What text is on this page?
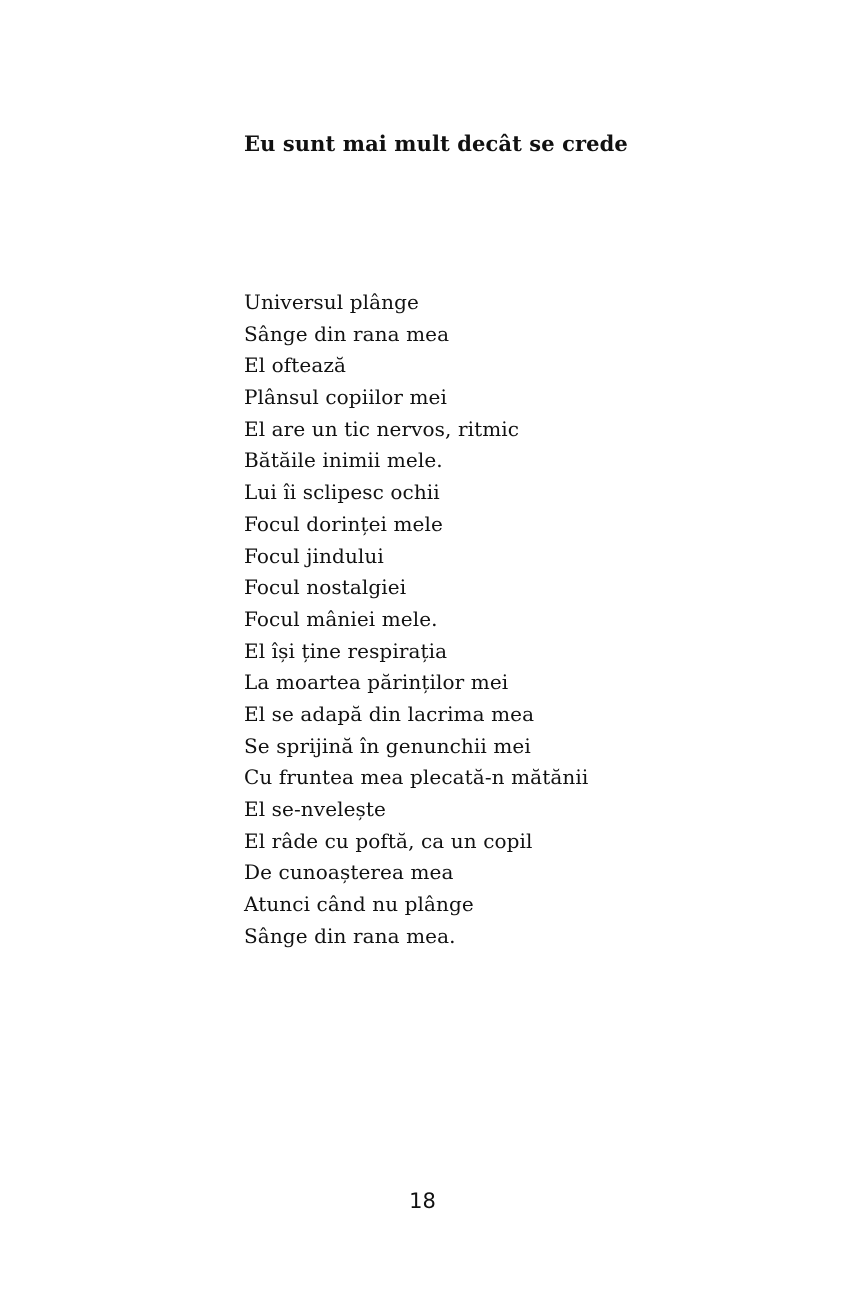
Eu sunt mai mult decât se crede
Universul plânge
Sânge din rana mea
El oftează
Plânsul copiilor mei
El are un tic nervos, ritmic
Bătăile inimii mele.
Lui îi sclipesc ochii
Focul dorinței mele
Focul jindului
Focul nostalgiei
Focul mâniei mele.
El își ține respirația
La moartea părinților mei
El se adapă din lacrima mea
Se sprijină în genunchii mei
Cu fruntea mea plecată-n mătănii
El se-nvelește
El râde cu poftă, ca un copil
De cunoașterea mea
Atunci când nu plânge
Sânge din rana mea.
18
